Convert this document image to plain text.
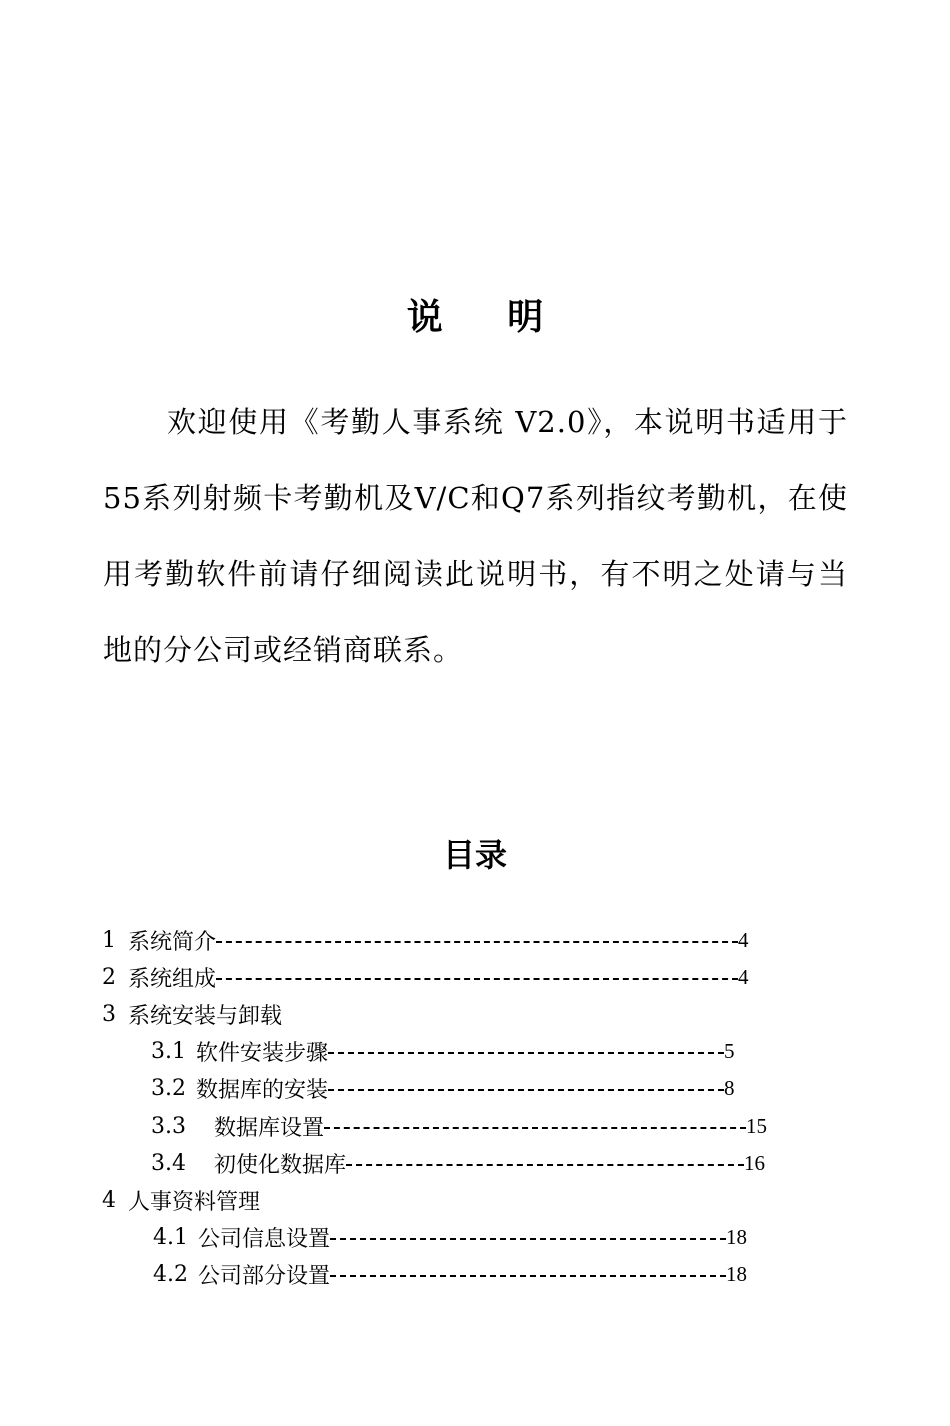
说 明

欢迎使用《考勤人事系统 V2.0》，本说明书适用于55系列射频卡考勤机及V/C和Q7系列指纹考勤机，在使用考勤软件前请仔细阅读此说明书，有不明之处请与当地的分公司或经销商联系。

目录
1 系统简介	4
2 系统组成	4
3 系统安装与卸载
3.1 软件安装步骤	5
3.2 数据库的安装	8
3.3	数据库设置	15
3.4	初使化数据库	16
4 人事资料管理
4.1 公司信息设置	18
4.2 公司部分设置	18
